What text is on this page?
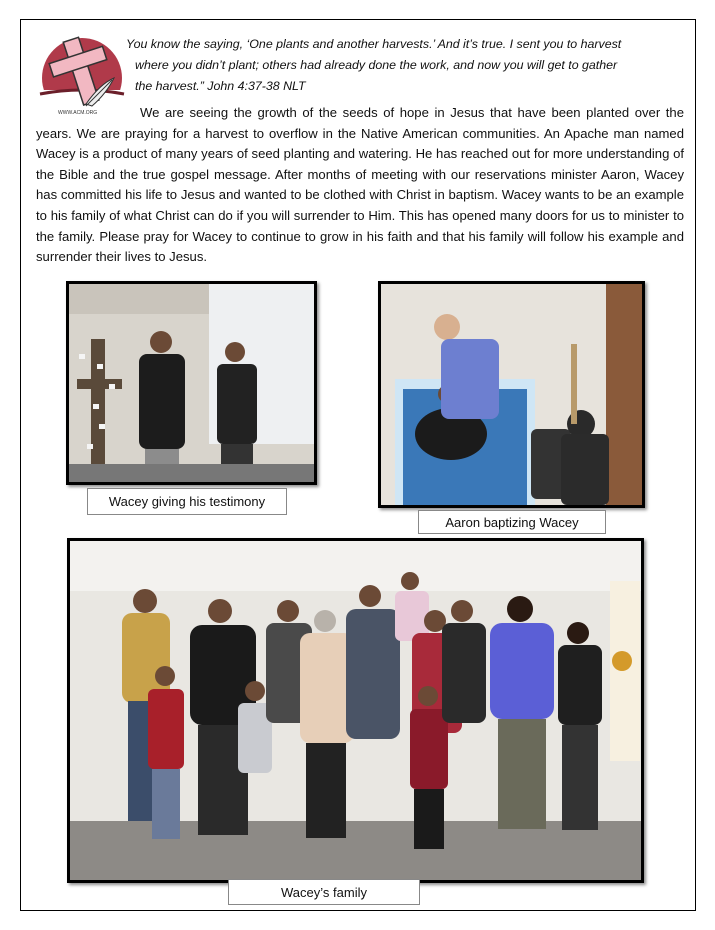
WWW.ACM.ORG

You know the saying, ‘One plants and another harvests.’ And it’s true. I sent you to harvest
where you didn’t plant; others had already done the work, and now you will get to gather
the harvest.” John 4:37-38 NLT

We are seeing the growth of the seeds of hope in Jesus that have been planted over the years. We are praying for a harvest to overflow in the Native American communities. An Apache man named Wacey is a product of many years of seed planting and watering. He has reached out for more understanding of the Bible and the true gospel message. After months of meeting with our reservations minister Aaron, Wacey has committed his life to Jesus and wanted to be clothed with Christ in baptism. Wacey wants to be an example to his family of what Christ can do if you will surrender to Him. This has opened many doors for us to minister to the family. Please pray for Wacey to continue to grow in his faith and that his family will follow his example and surrender their lives to Jesus.

Wacey giving his testimony
Aaron baptizing Wacey
Wacey’s family
